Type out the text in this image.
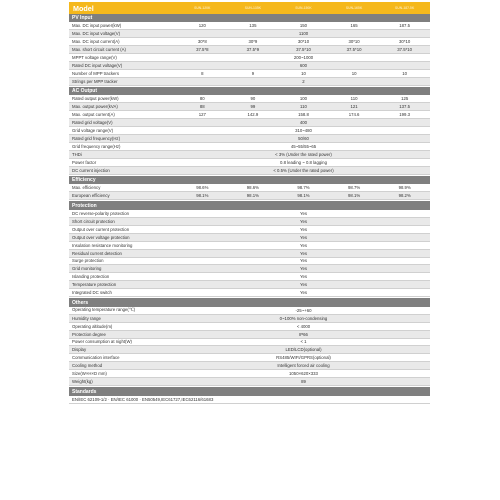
Model	SUN-120K	SUN-135K	SUN-150K	SUN-165K	SUN-187.5K
PV Input
Max. DC input power(kW)	120	135	150	165	187.5
Max. DC input voltage(V)	1100
Max. DC input current(A)	30*8	30*9	30*10	30*10	30*10
Max. short circuit current (A)	37.5*8	37.5*9	37.5*10	37.5*10	37.5*10
MPPT voltage range(V)	200~1000
Rated DC input voltage(V)	600
Number of MPP trackers	8	9	10	10	10
Strings per MPP tracker	2
AC Output
Rated output power(kW)	80	90	100	110	125
Max. output power(kVA)	88	99	110	121	137.5
Max. output current(A)	127	142.9	158.8	174.6	199.3
Rated grid voltage(V)	400
Grid voltage range(V)	310~480
Rated grid frequency(Hz)	50/60
Grid frequency range(Hz)	45~55/55~65
THDi	< 3% (Under the rated power)
Power factor	0.8 leading ~ 0.8 lagging
DC current injection	< 0.5% (Under the rated power)
Efficiency
Max. efficiency	98.6%	98.6%	98.7%	98.7%	98.9%
European efficiency	98.1%	98.1%	98.1%	98.1%	98.2%
Protection
DC reverse-polarity protection	Yes
Short circuit protection	Yes
Output over current protection	Yes
Output over voltage protection	Yes
Insulation resistance monitoring	Yes
Residual current detection	Yes
Surge protection	Yes
Grid monitoring	Yes
Islanding protection	Yes
Temperature protection	Yes
Integrated DC switch	Yes
Others
Operating temperature range(℃)	-25~+60
Humidity range	0~100% non-condensing
Operating altitude(m)	< 4000
Protection degree	IP66
Power consumption at night(W)	< 1
Display	LED/LCD(optional)
Communication interface	RS485/WIFI/GPRS(optional)
Cooling method	Intelligent forced air cooling
Size(W×H×D mm)	1050×620×333
Weight(kg)	89
Standards
EN/IEC 62109-1/2 · EN/IEC 61000 · EN50549,IEC61727,IEC62116/61683
